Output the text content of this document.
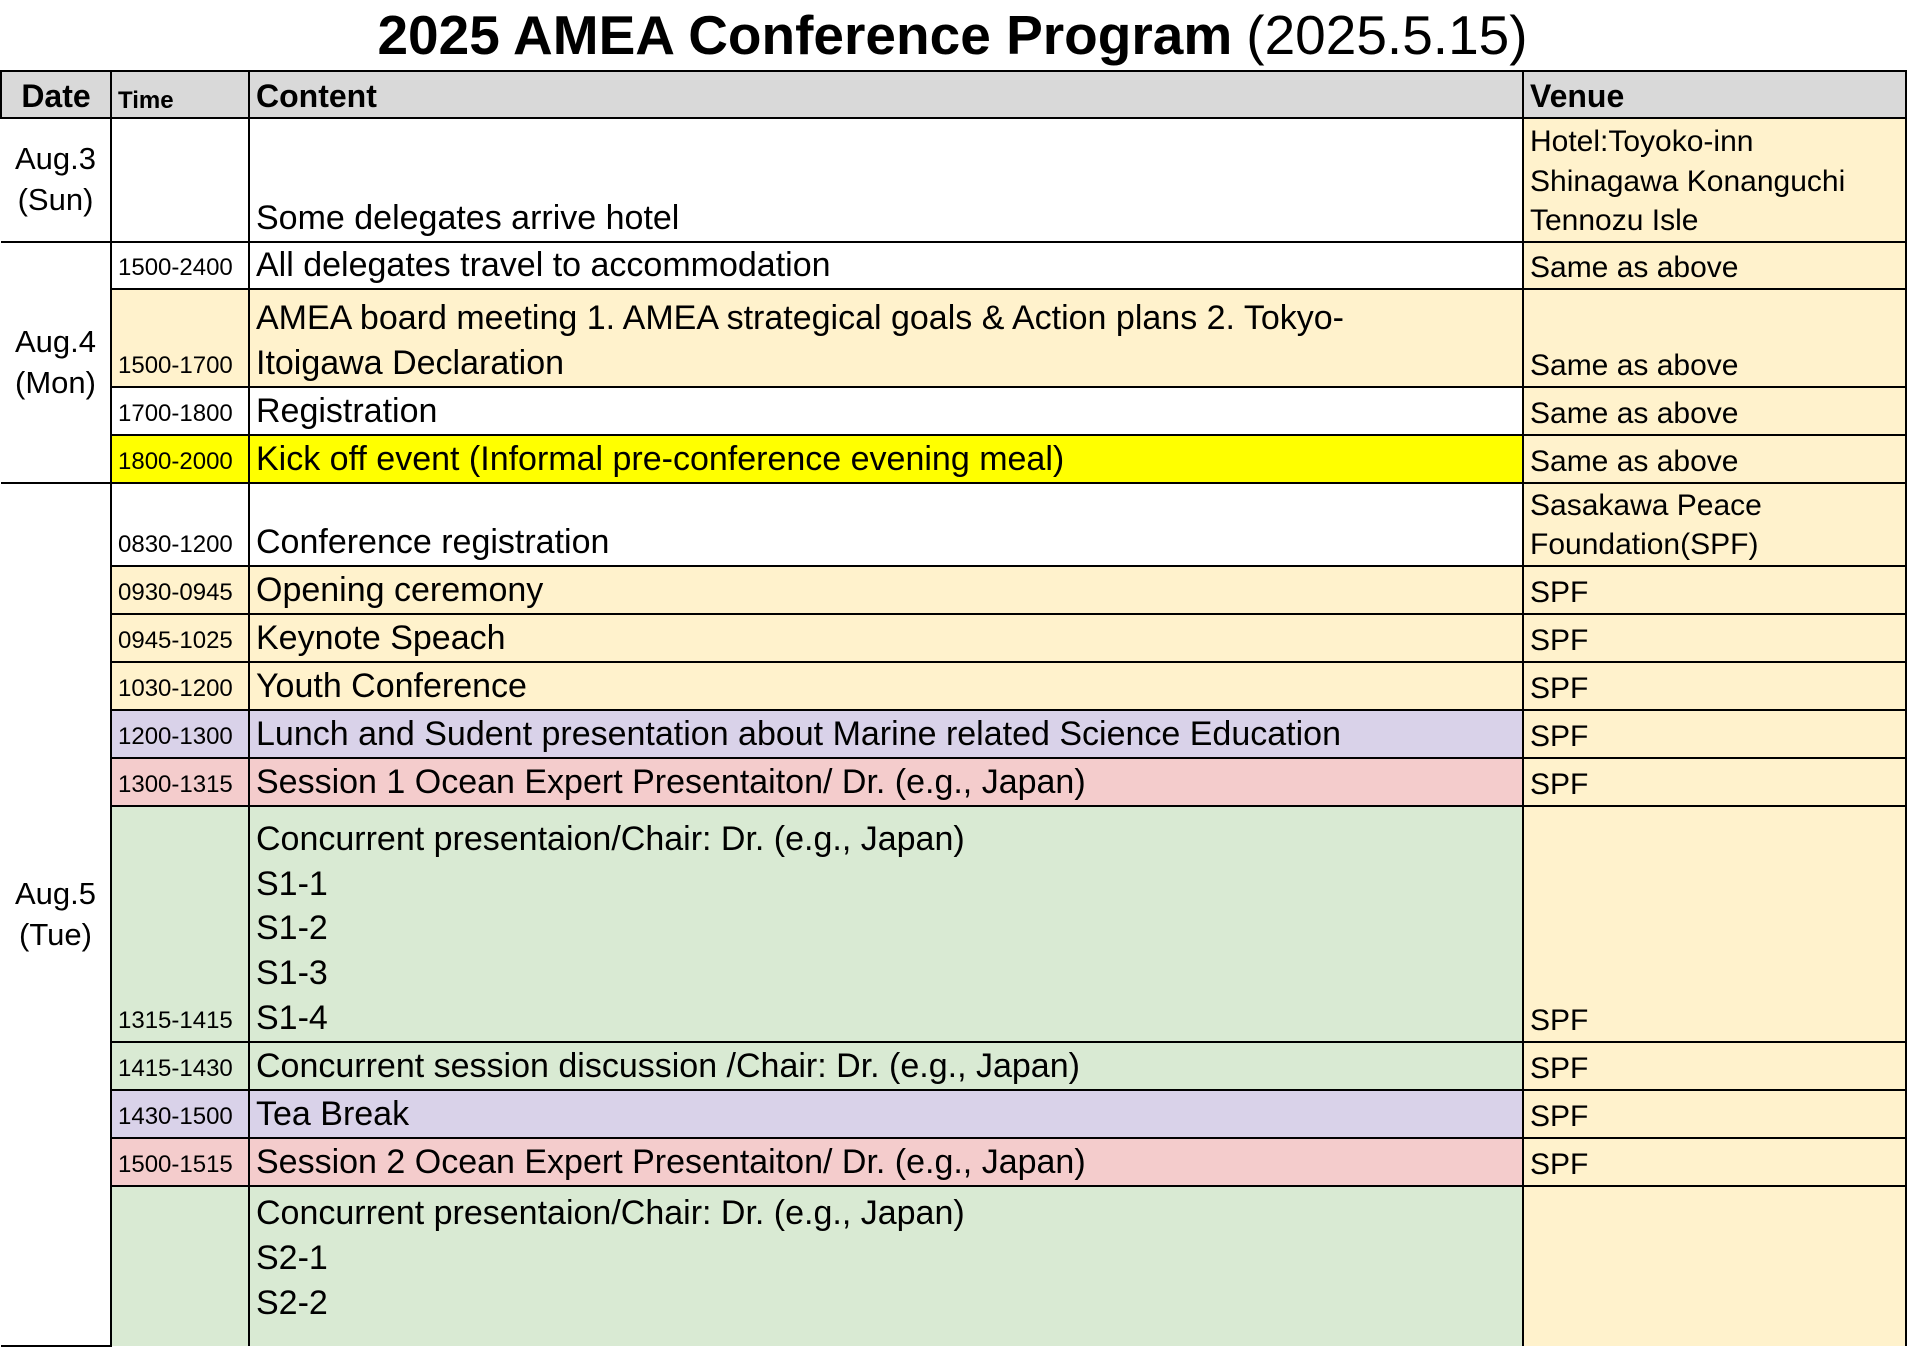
2025 AMEA Conference Program (2025.5.15)
Date	Time	Content	Venue

Aug.3
(Sun)		Some delegates arrive hotel	Hotel:Toyoko-inn
Shinagawa Konanguchi
Tennozu Isle

Aug.4
(Mon)	1500-2400	All delegates travel to accommodation	Same as above

	1500-1700	AMEA board meeting 1. AMEA strategical goals & Action plans 2. Tokyo-
Itoigawa Declaration	Same as above

	1700-1800	Registration	Same as above

	1800-2000	Kick off event (Informal pre-conference evening meal)	Same as above

Aug.5
(Tue)	0830-1200	Conference registration	Sasakawa Peace
Foundation(SPF)

	0930-0945	Opening ceremony	SPF

	0945-1025	Keynote Speach	SPF

	1030-1200	Youth Conference	SPF

	1200-1300	Lunch and Sudent presentation about Marine related Science Education	SPF

	1300-1315	Session 1 Ocean Expert Presentaiton/ Dr. (e.g., Japan)	SPF

	1315-1415	Concurrent presentaion/Chair: Dr. (e.g., Japan)
S1-1
S1-2
S1-3
S1-4	SPF

	1415-1430	Concurrent session discussion /Chair: Dr. (e.g., Japan)	SPF

	1430-1500	Tea Break	SPF

	1500-1515	Session 2 Ocean Expert Presentaiton/ Dr. (e.g., Japan)	SPF

		Concurrent presentaion/Chair: Dr. (e.g., Japan)
S2-1
S2-2	
